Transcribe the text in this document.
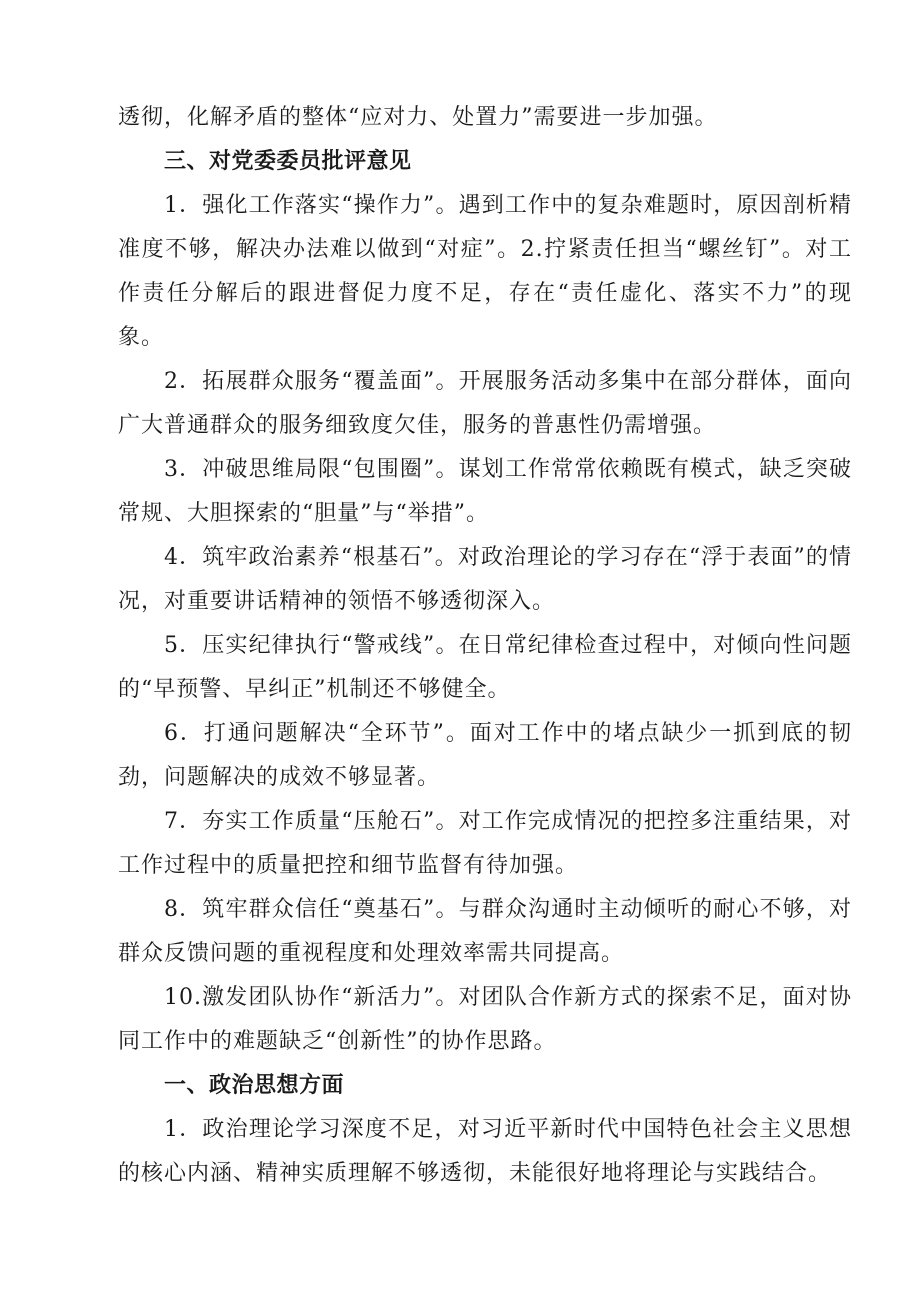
透彻，化解矛盾的整体“应对力、处置力”需要进一步加强。

三、对党委委员批评意见

1．强化工作落实“操作力”。遇到工作中的复杂难题时，原因剖析精准度不够，解决办法难以做到“对症”。2.拧紧责任担当“螺丝钉”。对工作责任分解后的跟进督促力度不足，存在“责任虚化、落实不力”的现象。

2．拓展群众服务“覆盖面”。开展服务活动多集中在部分群体，面向广大普通群众的服务细致度欠佳，服务的普惠性仍需增强。

3．冲破思维局限“包围圈”。谋划工作常常依赖既有模式，缺乏突破常规、大胆探索的“胆量”与“举措”。

4．筑牢政治素养“根基石”。对政治理论的学习存在“浮于表面”的情况，对重要讲话精神的领悟不够透彻深入。

5．压实纪律执行“警戒线”。在日常纪律检查过程中，对倾向性问题的“早预警、早纠正”机制还不够健全。

6．打通问题解决“全环节”。面对工作中的堵点缺少一抓到底的韧劲，问题解决的成效不够显著。

7．夯实工作质量“压舱石”。对工作完成情况的把控多注重结果，对工作过程中的质量把控和细节监督有待加强。

8．筑牢群众信任“奠基石”。与群众沟通时主动倾听的耐心不够，对群众反馈问题的重视程度和处理效率需共同提高。

10.激发团队协作“新活力”。对团队合作新方式的探索不足，面对协同工作中的难题缺乏“创新性”的协作思路。

一、政治思想方面

1．政治理论学习深度不足，对习近平新时代中国特色社会主义思想的核心内涵、精神实质理解不够透彻，未能很好地将理论与实践结合。
